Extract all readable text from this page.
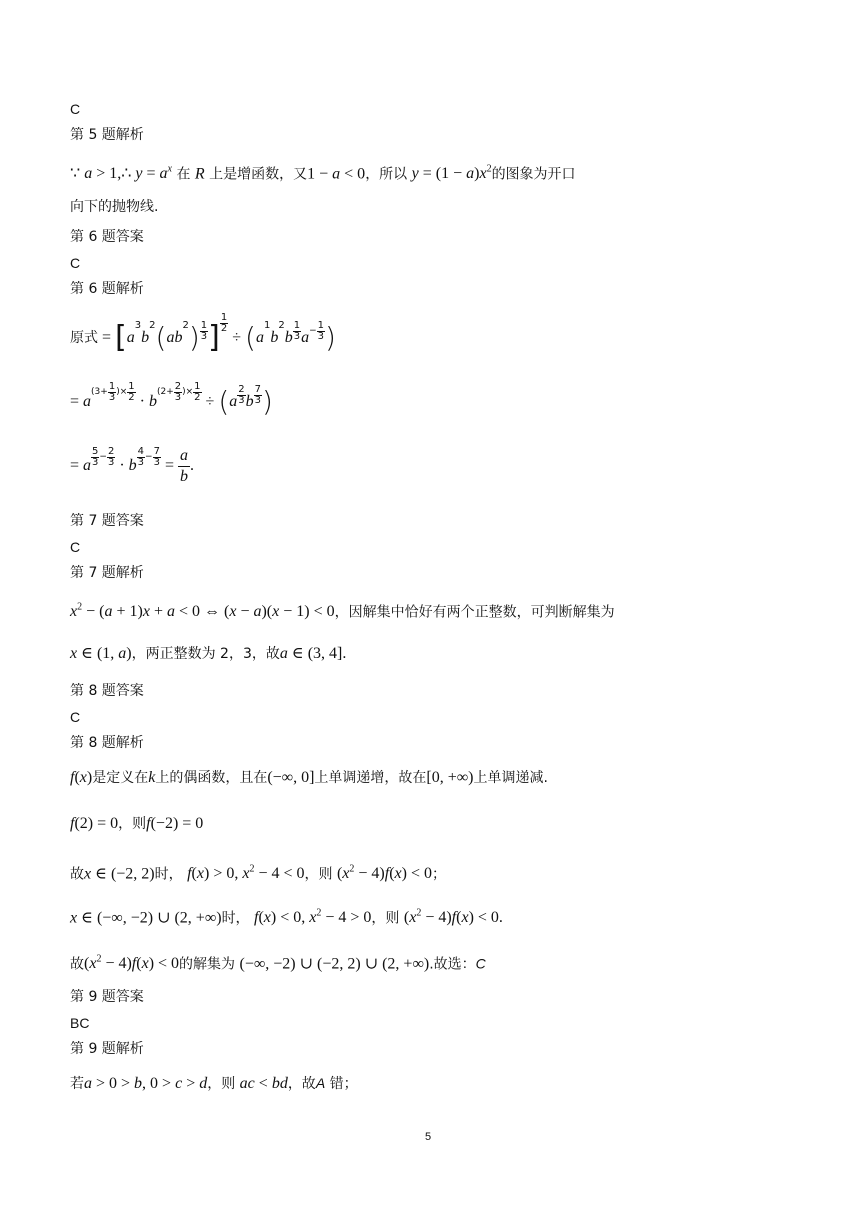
C
第 5 题解析
∵ a > 1,∴ $y = a^x$ 在 R 上是增函数，又1 − a < 0，所以 $y = (1 - a)x^2$的图象为开口
向下的抛物线.
第 6 题答案
C
第 6 题解析
原式 = [ a
3
b
2 ( ab
2 ) 1
3 ] $\frac{1}{2}$
÷ ( a
1
b
2
b
1
3 $a - \frac{1}{3}$ )
= a
(3+
1
3 )×
1
2 · b
(2+
2
3 )×
1
2 ÷ ( a
2
3 b
7
3 )
= a
5
3 −
2
3 · b
4
3 −
7
$3 = \frac{a}{b}$ .
第 7 题答案
C
第 7 题解析
$x^2 - (a + 1)x + a < 0$ ⇔ (x − a)(x − 1) < 0，因解集中恰好有两个正整数，可判断解集为
x ∈ (1, a)，两正整数为 2，3，故a ∈ (3, 4].
第 8 题答案
C
第 8 题解析
f(x)是定义在k上的偶函数，且在(−∞, 0]上单调递增，故在[0, +∞)上单调递减.
f(2) = 0，则f(−2) = 0
故x ∈ (−2, 2)时， f(x) > 0, $x^2 - 4 < 0$，则 $(x^2 - 4)f(x) < 0$；
x ∈ (−∞, −2) ∪ (2, +∞)时， f(x) < 0, $x^2 - 4 > 0$，则 $(x^2 - 4)f(x) < 0$.
故$(x^2 - 4)f(x) < 0$的解集为 (−∞, −2) ∪ (−2, 2) ∪ (2, +∞).故选：C
第 9 题答案
BC
第 9 题解析
若a > 0 > b, 0 > c > d，则 ac < bd，故A 错；
5
